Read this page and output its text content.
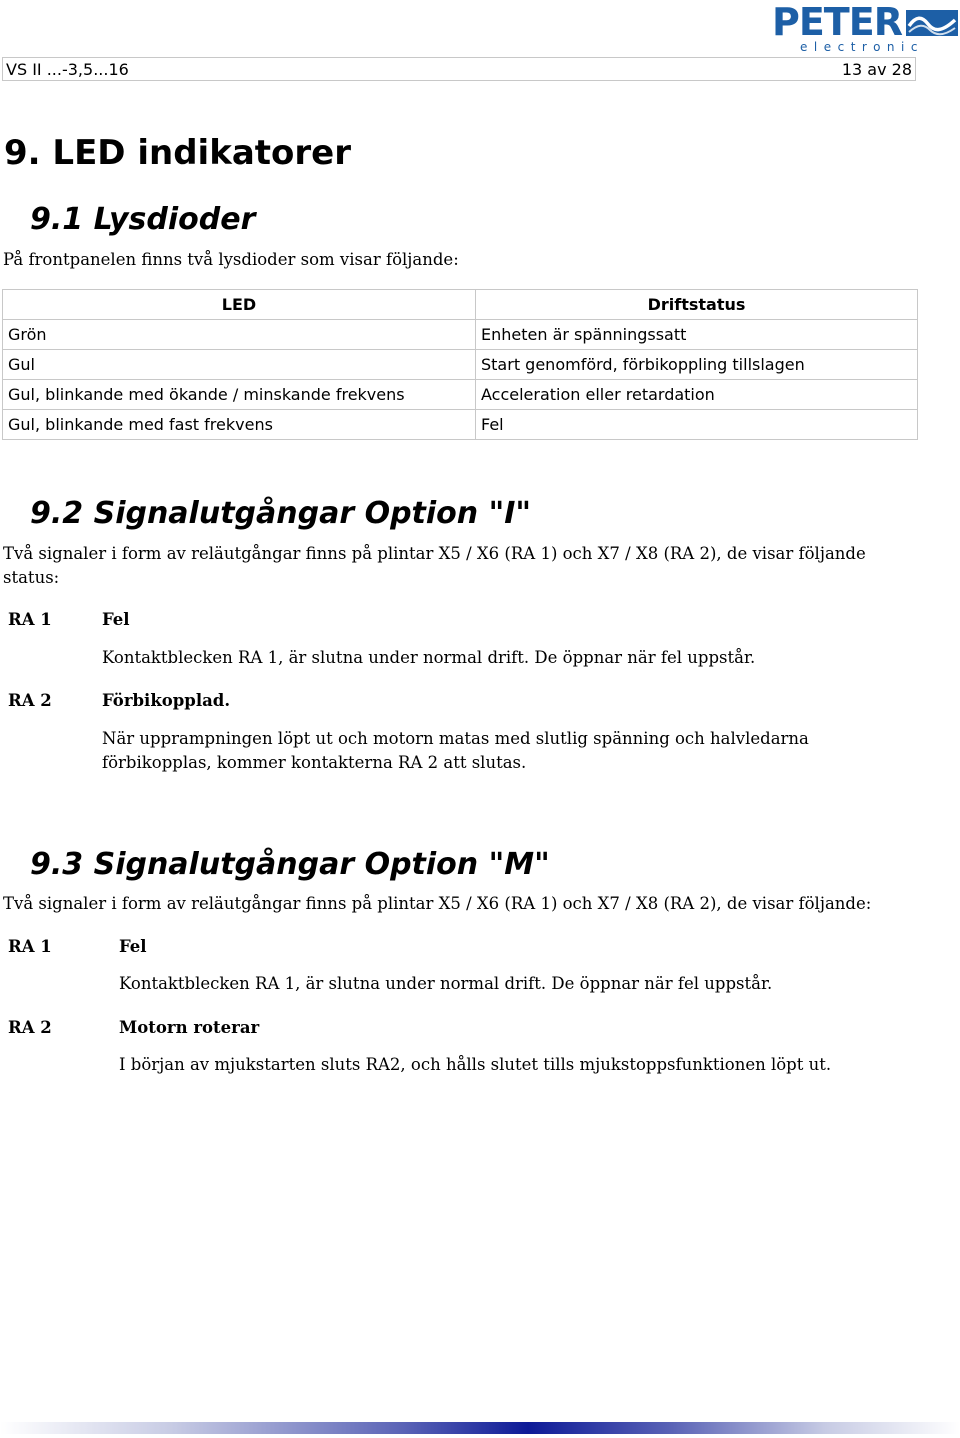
PETER
electronic
VS II ...-3,5...16	13 av 28
9. LED indikatorer
9.1 Lysdioder

På frontpanelen finns två lysdioder som visar följande:

LED	Driftstatus
Grön	Enheten är spänningssatt
Gul	Start genomförd, förbikoppling tillslagen
Gul, blinkande med ökande / minskande frekvens	Acceleration eller retardation
Gul, blinkande med fast frekvens	Fel
9.2 Signalutgångar Option "I"

Två signaler i form av reläutgångar finns på plintar X5 / X6 (RA 1) och X7 / X8 (RA 2), de visar följande status:

RA 1	Fel

Kontaktblecken RA 1, är slutna under normal drift. De öppnar när fel uppstår.

RA 2	Förbikopplad.

När upprampningen löpt ut och motorn matas med slutlig spänning och halvledarna förbikopplas, kommer kontakterna RA 2 att slutas.

9.3 Signalutgångar Option "M"

Två signaler i form av reläutgångar finns på plintar X5 / X6 (RA 1) och X7 / X8 (RA 2), de visar följande:

RA 1	Fel

Kontaktblecken RA 1, är slutna under normal drift. De öppnar när fel uppstår.

RA 2	Motorn roterar

I början av mjukstarten sluts RA2, och hålls slutet tills mjukstoppsfunktionen löpt ut.
